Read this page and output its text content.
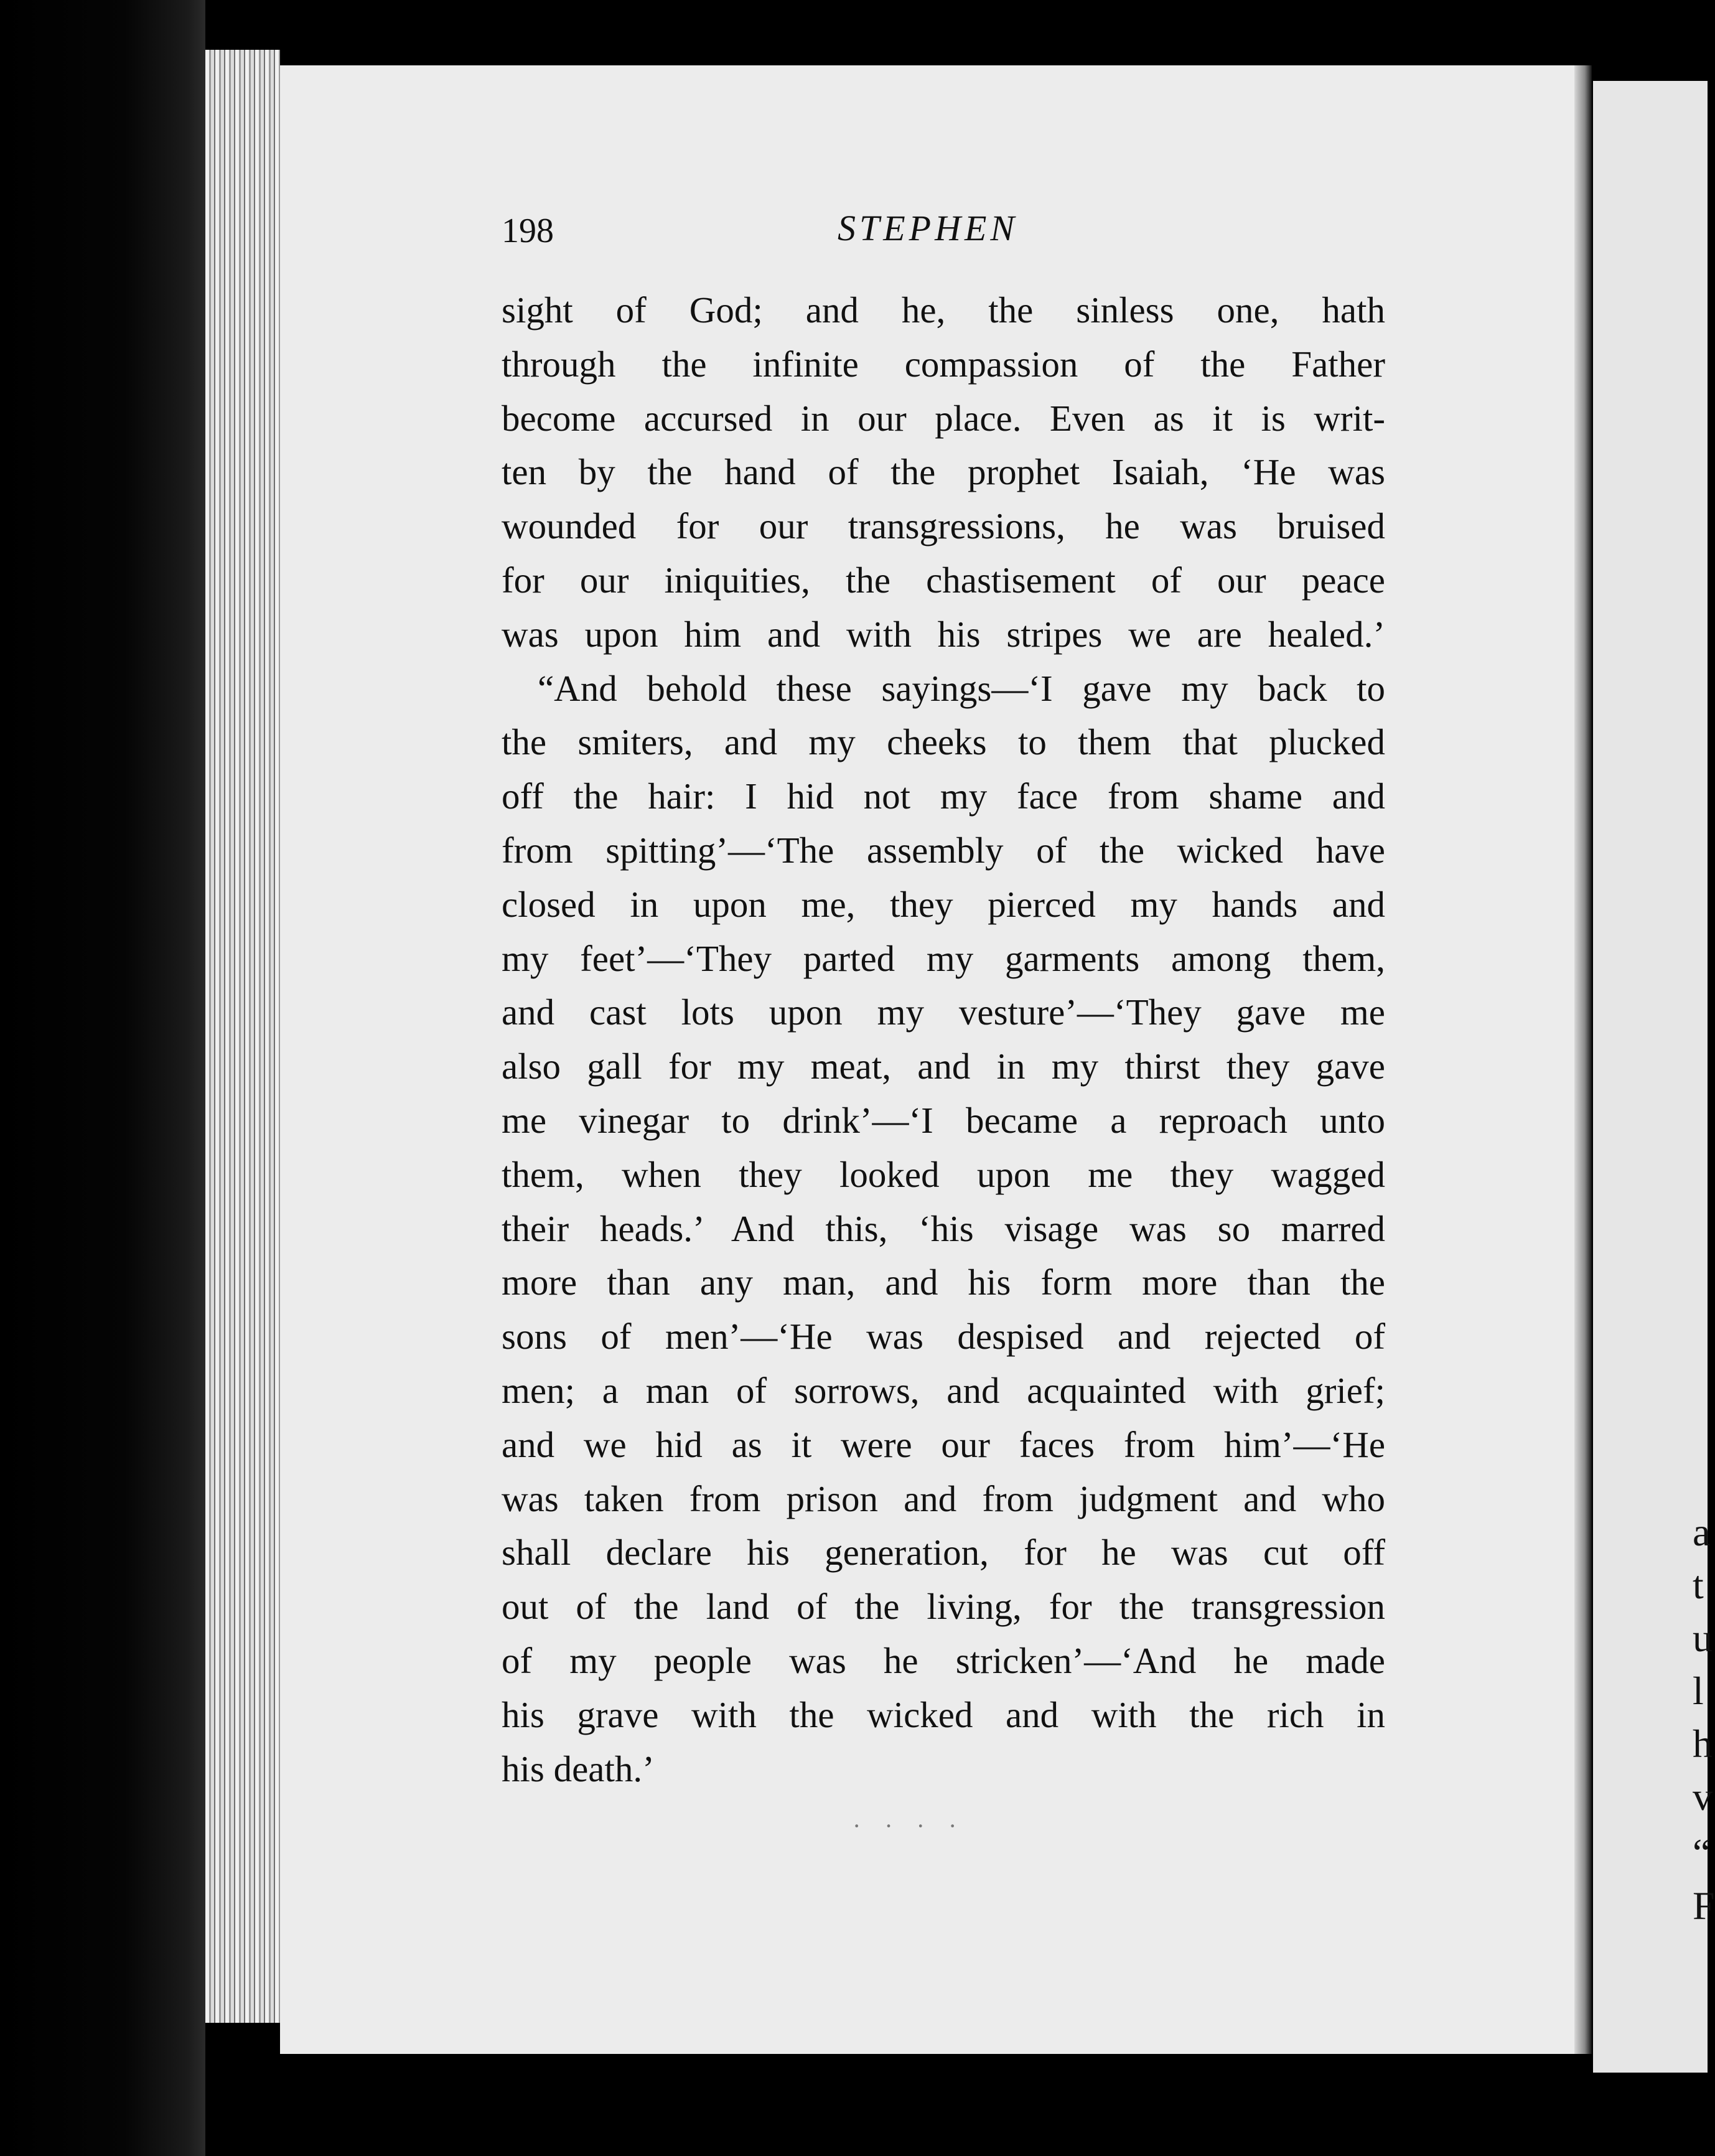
a
t
u
l
h
v
“
F
198	STEPHEN
sight of God; and he, the sinless one, hath
through the infinite compassion of the Father
become accursed in our place. Even as it is writ-
ten by the hand of the prophet Isaiah, ‘He was
wounded for our transgressions, he was bruised
for our iniquities, the chastisement of our peace
was upon him and with his stripes we are healed.’
“And behold these sayings—‘I gave my back to
the smiters, and my cheeks to them that plucked
off the hair: I hid not my face from shame and
from spitting’—‘The assembly of the wicked have
closed in upon me, they pierced my hands and
my feet’—‘They parted my garments among them,
and cast lots upon my vesture’—‘They gave me
also gall for my meat, and in my thirst they gave
me vinegar to drink’—‘I became a reproach unto
them, when they looked upon me they wagged
their heads.’ And this, ‘his visage was so marred
more than any man, and his form more than the
sons of men’—‘He was despised and rejected of
men; a man of sorrows, and acquainted with grief;
and we hid as it were our faces from him’—‘He
was taken from prison and from judgment and who
shall declare his generation, for he was cut off
out of the land of the living, for the transgression
of my people was he stricken’—‘And he made
his grave with the wicked and with the rich in
his death.’
· · · ·
